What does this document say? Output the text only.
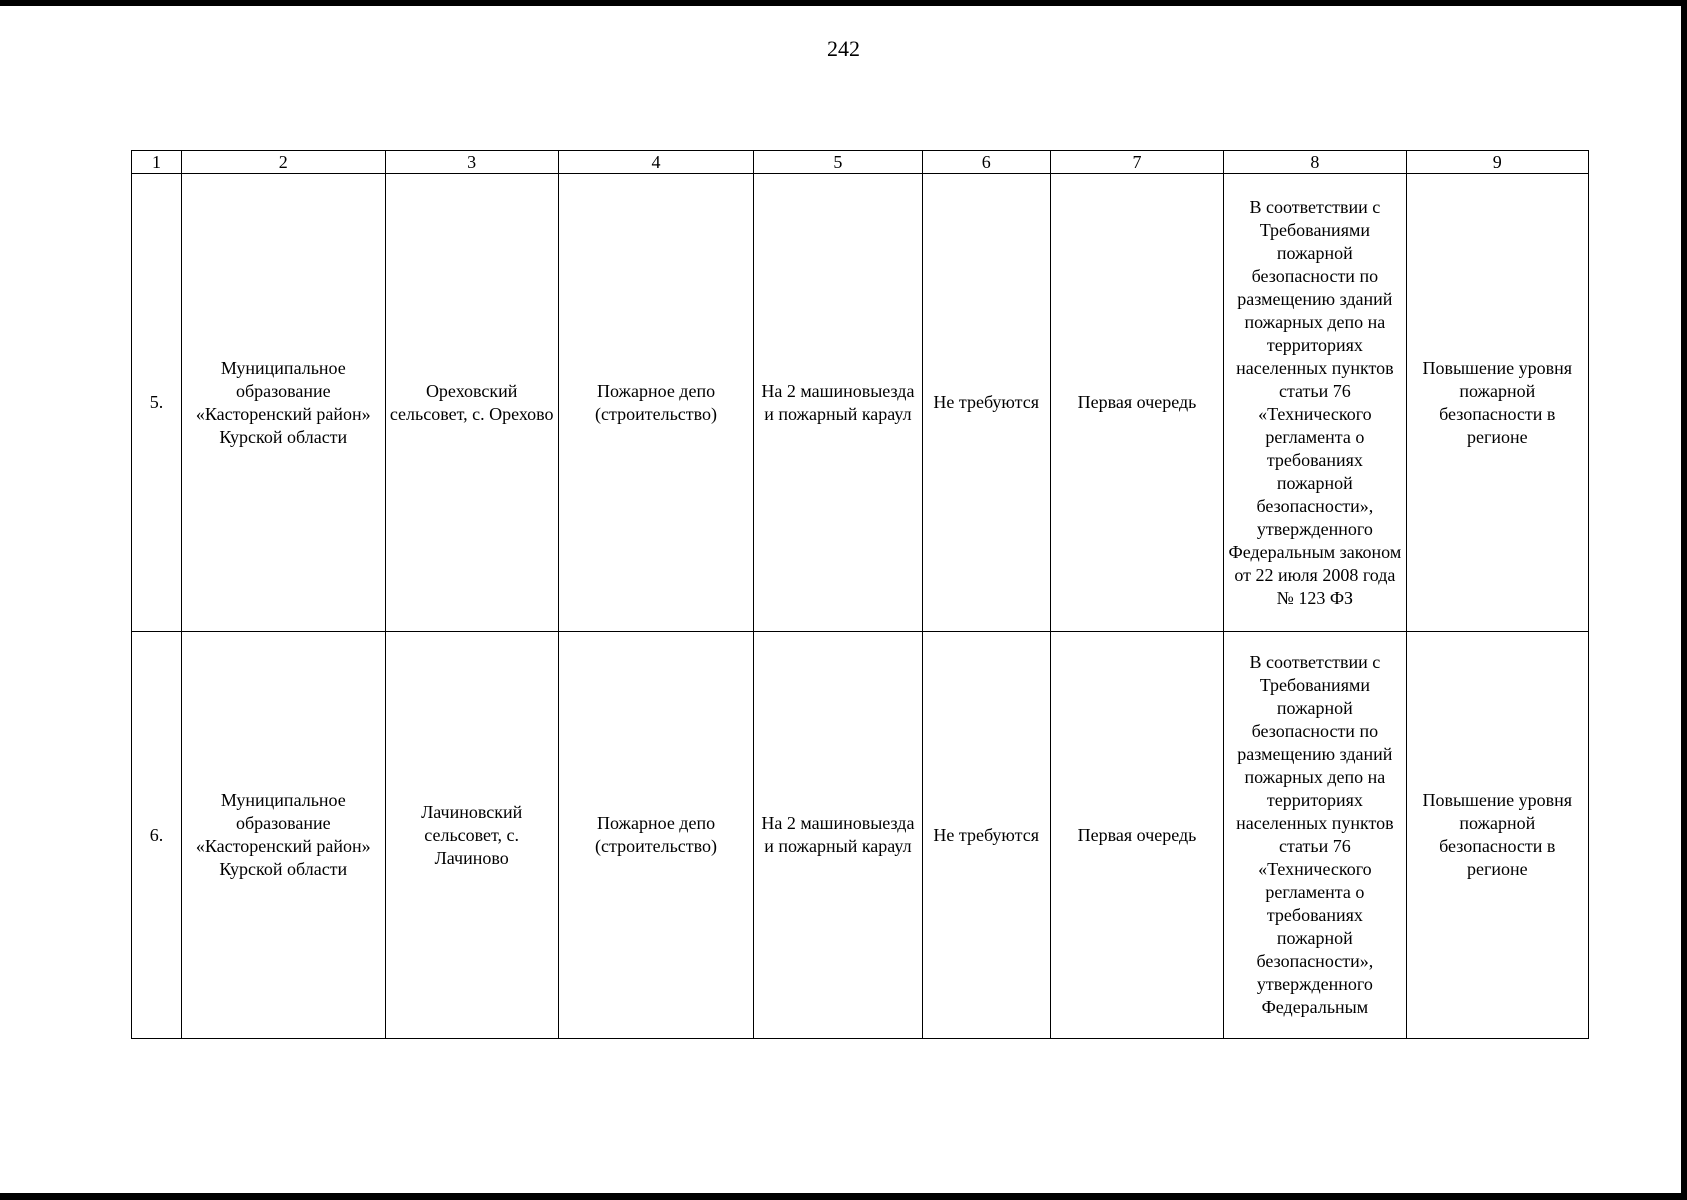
242
1	2	3	4	5	6	7	8	9
5.	Муниципальное образование «Касторенский район» Курской области	Ореховский сельсовет, с. Орехово	Пожарное депо (строительство)	На 2 машиновыезда и пожарный караул	Не требуются	Первая очередь	В соответствии с Требованиями пожарной безопасности по размещению зданий пожарных депо на территориях населенных пунктов статьи 76 «Технического регламента о требованиях пожарной безопасности», утвержденного Федеральным законом от 22 июля 2008 года № 123 ФЗ	Повышение уровня пожарной безопасности в регионе
6.	Муниципальное образование «Касторенский район» Курской области	Лачиновский сельсовет, с. Лачиново	Пожарное депо (строительство)	На 2 машиновыезда и пожарный караул	Не требуются	Первая очередь	В соответствии с Требованиями пожарной безопасности по размещению зданий пожарных депо на территориях населенных пунктов статьи 76 «Технического регламента о требованиях пожарной безопасности», утвержденного Федеральным	Повышение уровня пожарной безопасности в регионе
